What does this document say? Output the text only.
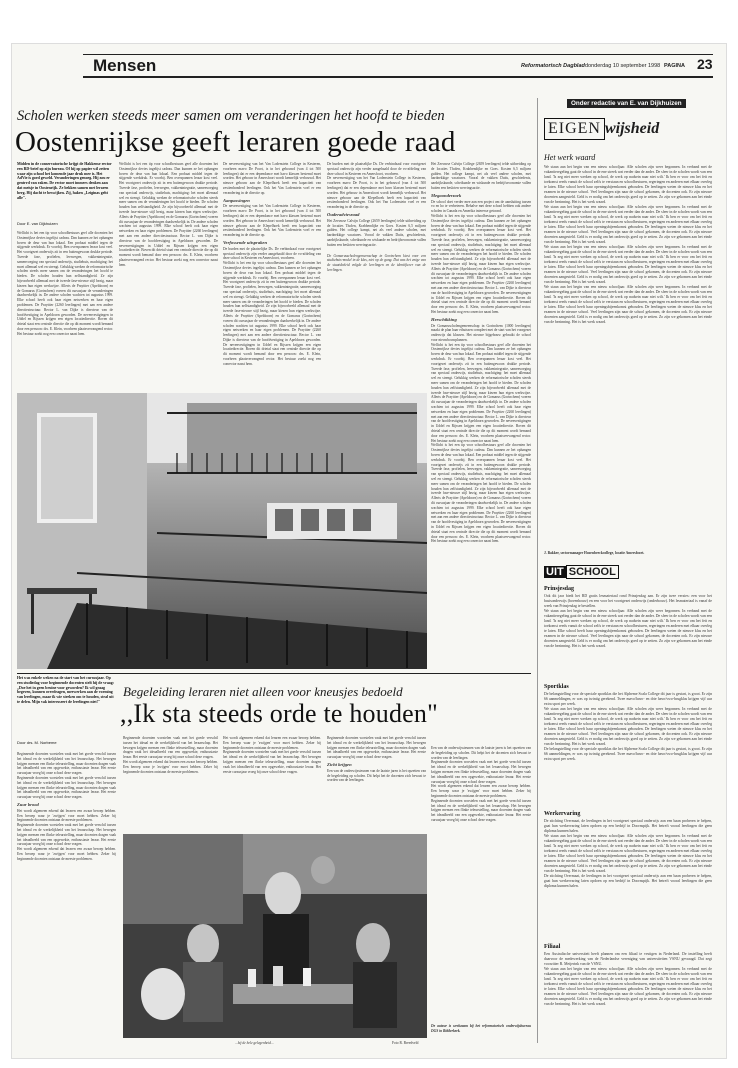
Mensen	Reformatorisch Dagblad donderdag 10 september 1998 PAGINA 23
Scholen werken steeds meer samen om veranderingen het hoofd te bieden
Oostenrijkse geeft leraren goede raad
Midden in de conservatorische krijgt de Hakkense rector een RD-brief op zijn bureau. Of hij op papier wil zetten waar zijn school het komende jaar druk mee is. Het AdVie is goed geweld. Veranderingen genoeg. Hij zou er gentrrd van raken. De rector moet immers denken aan dat meisje in Oostenrijk. Ze bekken samen met leraren berg. Hij dacht te beswijken. Zij, haken ,,Leiginas geht alle".
Door E. van Dijkhuizen

Wellicht is het een tip voor schoolbestuurs geef alle docenten het Oostenrijkse devies ingelijst cadeau. Dan kunnen ze het ophangen boven de deur van hun lokaal. Een probaat middel tegen de stijgende werkdruk. Er voorbij. Ben overspannen leraar kost veel. Het voortgezet onderwijs zit in een buitengewoon drukke periode. Tweede fase, profielen, leerwegen, vakkenintegratie, samenvoeging van speciaal onderwijs, studiehuis, machtiging: het moet allemaal wel en strengt. Gelukkig werken de reformatorische scholen steeds meer samen om de veranderingen het hoofd te bieden. De scholen houden hun zelfstandigheid. Ze zijn bijvoorbeeld allemaal met de tweede fase-nieuwe stijl bezig, maar kiezen hun eigen werkwijze. Allerts de Prayttter (Apeldoorn) en de Gomarus (Gorinchem) voeren dit cursusjaar de veranderingen daadwerkelijk in. De andere scholen wachten tot augustus 1999. Elke school heeft ook haar eigen netwerken en haar eigen problemen. De Prayttter (2260 leerlingen) met aan een andere directiestructuur. Rector L. van Dijke is directeur van de hoofdvestiging in Apeldoorn geworden. De nevenvestigingen in Uddel en Rijssen krijgen een eigen locatiedirectie. Boven dit drietal staat een centrale directie die op dit moment wordt bemand door een persoon: drs. E. Klein, voorheen plaatsvervangend rector. Het bestuur zoekt nog een conrector naast hem.

Wellicht is het een tip voor schoolbestuurs geef alle docenten het Oostenrijkse devies ingelijst cadeau. Dan kunnen ze het ophangen boven de deur van hun lokaal. Een probaat middel tegen de stijgende werkdruk. Er voorbij. Ben overspannen leraar kost veel. Het voortgezet onderwijs zit in een buitengewoon drukke periode. Tweede fase, profielen, leerwegen, vakkenintegratie, samenvoeging van speciaal onderwijs, studiehuis, machtiging: het moet allemaal wel en strengt. Gelukkig werken de reformatorische scholen steeds meer samen om de veranderingen het hoofd te bieden. De scholen houden hun zelfstandigheid. Ze zijn bijvoorbeeld allemaal met de tweede fase-nieuwe stijl bezig, maar kiezen hun eigen werkwijze. Allerts de Prayttter (Apeldoorn) en de Gomarus (Gorinchem) voeren dit cursusjaar de veranderingen daadwerkelijk in. De andere scholen wachten tot augustus 1999. Elke school heeft ook haar eigen netwerken en haar eigen problemen. De Prayttter (2260 leerlingen) met aan een andere directiestructuur. Rector L. van Dijke is directeur van de hoofdvestiging in Apeldoorn geworden. De nevenvestigingen in Uddel en Rijssen krijgen een eigen locatiedirectie. Boven dit drietal staat een centrale directie die op dit moment wordt bemand door een persoon: drs. E. Klein, voorheen plaatsvervangend rector. Het bestuur zoekt nog een conrector naast hem.

De nevenvestiging van het Van Lodenstein College in Kesteren, voorheen mavo De Poort, is in het gebouwd (van 4 tot 500 leerlingen) dat er een dependance met havo klassen bestemd moet worden. Het gebouw in Amersfoort wordt kennelijk verbouwd. Het nieuwe gebouw aan de Klepelhoek heeft een kapaciteit van zestienhonderd leerlingen. Ook het Van Lodenstein voel er een verandering in de directie op.

Aanpassingen

De nevenvestiging van het Van Lodenstein College in Kesteren, voorheen mavo De Poort, is in het gebouwd (van 4 tot 500 leerlingen) dat er een dependance met havo klassen bestemd moet worden. Het gebouw in Amersfoort wordt kennelijk verbouwd. Het nieuwe gebouw aan de Klepelhoek heeft een kapaciteit van zestienhonderd leerlingen. Ook het Van Lodenstein voel er een verandering in de directie op.

Verfossende uitspraken

De burden met de plaatselijke Ds. De verbindzaal voor voortgezet speciaal onderwijs zijn verder aangehaald door de vo-afdeling van deze school in Kesteren en Amersfoort, voorheen.

Wellicht is het een tip voor schoolbestuurs geef alle docenten het Oostenrijkse devies ingelijst cadeau. Dan kunnen ze het ophangen boven de deur van hun lokaal. Een probaat middel tegen de stijgende werkdruk. Er voorbij. Ben overspannen leraar kost veel. Het voortgezet onderwijs zit in een buitengewoon drukke periode. Tweede fase, profielen, leerwegen, vakkenintegratie, samenvoeging van speciaal onderwijs, studiehuis, machtiging: het moet allemaal wel en strengt. Gelukkig werken de reformatorische scholen steeds meer samen om de veranderingen het hoofd te bieden. De scholen houden hun zelfstandigheid. Ze zijn bijvoorbeeld allemaal met de tweede fase-nieuwe stijl bezig, maar kiezen hun eigen werkwijze. Allerts de Prayttter (Apeldoorn) en de Gomarus (Gorinchem) voeren dit cursusjaar de veranderingen daadwerkelijk in. De andere scholen wachten tot augustus 1999. Elke school heeft ook haar eigen netwerken en haar eigen problemen. De Prayttter (2260 leerlingen) met aan een andere directiestructuur. Rector L. van Dijke is directeur van de hoofdvestiging in Apeldoorn geworden. De nevenvestigingen in Uddel en Rijssen krijgen een eigen locatiedirectie. Boven dit drietal staat een centrale directie die op dit moment wordt bemand door een persoon: drs. E. Klein, voorheen plaatsvervangend rector. Het bestuur zoekt nog een conrector naast hem.

De burden met de plaatselijke Ds. De verbindzaal voor voortgezet speciaal onderwijs zijn verder aangehaald door de vo-afdeling van deze school in Kesteren en Amersfoort, voorheen.

De nevenvestiging van het Van Lodenstein College in Kesteren, voorheen mavo De Poort, is in het gebouwd (van 4 tot 500 leerlingen) dat er een dependance met havo klassen bestemd moet worden. Het gebouw in Amersfoort wordt kennelijk verbouwd. Het nieuwe gebouw aan de Klepelhoek heeft een kapaciteit van zestienhonderd leerlingen. Ook het Van Lodenstein voel er een verandering in de directie op.

Ouderadviesraad

Het Zeeuwse Calvijn College (2659 leerlingen) telde uitbreiding op de locaties Tholen, Krabbendijke en Goes. Kosten 6,5 miljoen gulden. Het college kampt, net als veel andere scholen, met hardnekkige vacatures. Vooral de vakken Duits, geschiedenis, aardrijkskunde, scheikunde en wiskunde en bedrijfseconomie vallen buiten een besloten wervingsactie.

De Gomarusscholengemeenschap in Gorinchem kiest voor een studiehuis-model in de klas, niet op de gang. Dat was het enige van de staatsbeleid volgde de leerlingen en de identificeer van de leerlingen.

Het Zeeuwse Calvijn College (2659 leerlingen) telde uitbreiding op de locaties Tholen, Krabbendijke en Goes. Kosten 6,5 miljoen gulden. Het college kampt, net als veel andere scholen, met hardnekkige vacatures. Vooral de vakken Duits, geschiedenis, aardrijkskunde, scheikunde en wiskunde en bedrijfseconomie vallen buiten een besloten wervingsactie.

Megaonderzoek

De school doet verder mee aan een project om de aansluiting tussen vo en ho te verbeteren. Behalve met deze school hebben ook andere scholen in Canada en Amerika interesse getoond.

Wellicht is het een tip voor schoolbestuurs geef alle docenten het Oostenrijkse devies ingelijst cadeau. Dan kunnen ze het ophangen boven de deur van hun lokaal. Een probaat middel tegen de stijgende werkdruk. Er voorbij. Ben overspannen leraar kost veel. Het voortgezet onderwijs zit in een buitengewoon drukke periode. Tweede fase, profielen, leerwegen, vakkenintegratie, samenvoeging van speciaal onderwijs, studiehuis, machtiging: het moet allemaal wel en strengt. Gelukkig werken de reformatorische scholen steeds meer samen om de veranderingen het hoofd te bieden. De scholen houden hun zelfstandigheid. Ze zijn bijvoorbeeld allemaal met de tweede fase-nieuwe stijl bezig, maar kiezen hun eigen werkwijze. Allerts de Prayttter (Apeldoorn) en de Gomarus (Gorinchem) voeren dit cursusjaar de veranderingen daadwerkelijk in. De andere scholen wachten tot augustus 1999. Elke school heeft ook haar eigen netwerken en haar eigen problemen. De Prayttter (2260 leerlingen) met aan een andere directiestructuur. Rector L. van Dijke is directeur van de hoofdvestiging in Apeldoorn geworden. De nevenvestigingen in Uddel en Rijssen krijgen een eigen locatiedirectie. Boven dit drietal staat een centrale directie die op dit moment wordt bemand door een persoon: drs. E. Klein, voorheen plaatsvervangend rector. Het bestuur zoekt nog een conrector naast hem.

Herschikking

De Gomaruscholengemeenschap in Gorinchem (1000 leerlingen) maakt de plan haar ethuissen compleet met de start van het voorgezet onderwijs dat klassen. Het nieuwe bijgebouw gebruikt de school voor nieuwbouwplannen.

Wellicht is het een tip voor schoolbestuurs geef alle docenten het Oostenrijkse devies ingelijst cadeau. Dan kunnen ze het ophangen boven de deur van hun lokaal. Een probaat middel tegen de stijgende werkdruk. Er voorbij. Ben overspannen leraar kost veel. Het voortgezet onderwijs zit in een buitengewoon drukke periode. Tweede fase, profielen, leerwegen, vakkenintegratie, samenvoeging van speciaal onderwijs, studiehuis, machtiging: het moet allemaal wel en strengt. Gelukkig werken de reformatorische scholen steeds meer samen om de veranderingen het hoofd te bieden. De scholen houden hun zelfstandigheid. Ze zijn bijvoorbeeld allemaal met de tweede fase-nieuwe stijl bezig, maar kiezen hun eigen werkwijze. Allerts de Prayttter (Apeldoorn) en de Gomarus (Gorinchem) voeren dit cursusjaar de veranderingen daadwerkelijk in. De andere scholen wachten tot augustus 1999. Elke school heeft ook haar eigen netwerken en haar eigen problemen. De Prayttter (2260 leerlingen) met aan een andere directiestructuur. Rector L. van Dijke is directeur van de hoofdvestiging in Apeldoorn geworden. De nevenvestigingen in Uddel en Rijssen krijgen een eigen locatiedirectie. Boven dit drietal staat een centrale directie die op dit moment wordt bemand door een persoon: drs. E. Klein, voorheen plaatsvervangend rector. Het bestuur zoekt nog een conrector naast hem.

Wellicht is het een tip voor schoolbestuurs geef alle docenten het Oostenrijkse devies ingelijst cadeau. Dan kunnen ze het ophangen boven de deur van hun lokaal. Een probaat middel tegen de stijgende werkdruk. Er voorbij. Ben overspannen leraar kost veel. Het voortgezet onderwijs zit in een buitengewoon drukke periode. Tweede fase, profielen, leerwegen, vakkenintegratie, samenvoeging van speciaal onderwijs, studiehuis, machtiging: het moet allemaal wel en strengt. Gelukkig werken de reformatorische scholen steeds meer samen om de veranderingen het hoofd te bieden. De scholen houden hun zelfstandigheid. Ze zijn bijvoorbeeld allemaal met de tweede fase-nieuwe stijl bezig, maar kiezen hun eigen werkwijze. Allerts de Prayttter (Apeldoorn) en de Gomarus (Gorinchem) voeren dit cursusjaar de veranderingen daadwerkelijk in. De andere scholen wachten tot augustus 1999. Elke school heeft ook haar eigen netwerken en haar eigen problemen. De Prayttter (2260 leerlingen) met aan een andere directiestructuur. Rector L. van Dijke is directeur van de hoofdvestiging in Apeldoorn geworden. De nevenvestigingen in Uddel en Rijssen krijgen een eigen locatiedirectie. Boven dit drietal staat een centrale directie die op dit moment wordt bemand door een persoon: drs. E. Klein, voorheen plaatsvervangend rector. Het bestuur zoekt nog een conrector naast hem.

Het was enkele weken na de start van het cursusjaar. Op een studiedag voor beginnende docenten stelt hij de vraag: ,,Doe het in geen bruine voor geworden? Ik wil graag begeven, kunnen overdragen, meewerken aan de vorming van leerlingen, maar ik wie streken om te houden, stral uit te delen. Mijn vak interesseert de leerlingen niet!"
Door drs. M. Norbeme

Beginnende docenten worstelen vaak met het goede verschil tussen het ideaal en de werkelijkheid van het leraarschap. Het bewegen krijgen mensen een flinke teleurstelling, maar docenten dragen vaak het ideaalbeeld van een opgewekte, enthousiaste leraar. Het eerste cursusjaar vroeg bij onze school deze vragen.

Beginnende docenten worstelen vaak met het goede verschil tussen het ideaal en de werkelijkheid van het leraarschap. Het bewegen krijgen mensen een flinke teleurstelling, maar docenten dragen vaak het ideaalbeeld van een opgewekte, enthousiaste leraar. Het eerste cursusjaar vroeg bij onze school deze vragen.

Zuur brood

Het wordt algemeen erkend dat leraren een zwaar beroep hebben. Een beroep waar je 'zwijgen' voor moet hebben. Zeker bij beginnende docenten ontstaan de meeste problemen.

Beginnende docenten worstelen vaak met het goede verschil tussen het ideaal en de werkelijkheid van het leraarschap. Het bewegen krijgen mensen een flinke teleurstelling, maar docenten dragen vaak het ideaalbeeld van een opgewekte, enthousiaste leraar. Het eerste cursusjaar vroeg bij onze school deze vragen.

Het wordt algemeen erkend dat leraren een zwaar beroep hebben. Een beroep waar je 'zwijgen' voor moet hebben. Zeker bij beginnende docenten ontstaan de meeste problemen.

Begeleiding leraren niet alleen voor kneusjes bedoeld
,,Ik sta steeds orde te houden"

Beginnende docenten worstelen vaak met het goede verschil tussen het ideaal en de werkelijkheid van het leraarschap. Het bewegen krijgen mensen een flinke teleurstelling, maar docenten dragen vaak het ideaalbeeld van een opgewekte, enthousiaste leraar. Het eerste cursusjaar vroeg bij onze school deze vragen.

Het wordt algemeen erkend dat leraren een zwaar beroep hebben. Een beroep waar je 'zwijgen' voor moet hebben. Zeker bij beginnende docenten ontstaan de meeste problemen.

Het wordt algemeen erkend dat leraren een zwaar beroep hebben. Een beroep waar je 'zwijgen' voor moet hebben. Zeker bij beginnende docenten ontstaan de meeste problemen.

Beginnende docenten worstelen vaak met het goede verschil tussen het ideaal en de werkelijkheid van het leraarschap. Het bewegen krijgen mensen een flinke teleurstelling, maar docenten dragen vaak het ideaalbeeld van een opgewekte, enthousiaste leraar. Het eerste cursusjaar vroeg bij onze school deze vragen.

Beginnende docenten worstelen vaak met het goede verschil tussen het ideaal en de werkelijkheid van het leraarschap. Het bewegen krijgen mensen een flinke teleurstelling, maar docenten dragen vaak het ideaalbeeld van een opgewekte, enthousiaste leraar. Het eerste cursusjaar vroeg bij onze school deze vragen.

Zicht krijgen

Een van de onderwijssteunen van de laatste jaren is het opzetten van de begeleiding op scholen. Dit helpt het de docenten zich bewust te worden van de leerlingen.

Een van de onderwijssteunen van de laatste jaren is het opzetten van de begeleiding op scholen. Dit helpt het de docenten zich bewust te worden van de leerlingen.

Beginnende docenten worstelen vaak met het goede verschil tussen het ideaal en de werkelijkheid van het leraarschap. Het bewegen krijgen mensen een flinke teleurstelling, maar docenten dragen vaak het ideaalbeeld van een opgewekte, enthousiaste leraar. Het eerste cursusjaar vroeg bij onze school deze vragen.

Het wordt algemeen erkend dat leraren een zwaar beroep hebben. Een beroep waar je 'zwijgen' voor moet hebben. Zeker bij beginnende docenten ontstaan de meeste problemen.

Beginnende docenten worstelen vaak met het goede verschil tussen het ideaal en de werkelijkheid van het leraarschap. Het bewegen krijgen mensen een flinke teleurstelling, maar docenten dragen vaak het ideaalbeeld van een opgewekte, enthousiaste leraar. Het eerste cursusjaar vroeg bij onze school deze vragen.

De auteur is werkzaam bij het reformatorisch onderwijsbureau DGS in Ridderkerk.
...bij de hele gelegenheid...	Foto R. Breedveld
Onder redactie van E. van Dijkhuizen
EIGEN wijsheid
Het werk waard

We staan aan het begin van een nieuw schooljaar. Alle scholen zijn weer begonnen. In verband met de vakantieregeling gaat de school in de ene streek wat eerder dan de ander. De sfeer in de scholen wordt van een land. 'Is zeg niet meer werken op school, de werk op nadsein naar niet wilt.' Ik ben er voor om het feit en toekomst reeds vanuit de school zelfs te verstaan en schoolbesturen, regeringen en anderen met elkaar overleg te laten. Elke school heeft haar openingsbijeenkomst gehouden. De leerlingen weten de nieuwe klas en het examen in de nieuwe school. Veel leerlingen zijn naar de school gekomen, de docenten ook. Er zijn nieuwe docenten aangesteld. Geld is er nodig om het onderwijs goed op te zetten. Zo zijn we gekomen aan het einde van de bezinning. Het is het werk waard.

We staan aan het begin van een nieuw schooljaar. Alle scholen zijn weer begonnen. In verband met de vakantieregeling gaat de school in de ene streek wat eerder dan de ander. De sfeer in de scholen wordt van een land. 'Is zeg niet meer werken op school, de werk op nadsein naar niet wilt.' Ik ben er voor om het feit en toekomst reeds vanuit de school zelfs te verstaan en schoolbesturen, regeringen en anderen met elkaar overleg te laten. Elke school heeft haar openingsbijeenkomst gehouden. De leerlingen weten de nieuwe klas en het examen in de nieuwe school. Veel leerlingen zijn naar de school gekomen, de docenten ook. Er zijn nieuwe docenten aangesteld. Geld is er nodig om het onderwijs goed op te zetten. Zo zijn we gekomen aan het einde van de bezinning. Het is het werk waard.

We staan aan het begin van een nieuw schooljaar. Alle scholen zijn weer begonnen. In verband met de vakantieregeling gaat de school in de ene streek wat eerder dan de ander. De sfeer in de scholen wordt van een land. 'Is zeg niet meer werken op school, de werk op nadsein naar niet wilt.' Ik ben er voor om het feit en toekomst reeds vanuit de school zelfs te verstaan en schoolbesturen, regeringen en anderen met elkaar overleg te laten. Elke school heeft haar openingsbijeenkomst gehouden. De leerlingen weten de nieuwe klas en het examen in de nieuwe school. Veel leerlingen zijn naar de school gekomen, de docenten ook. Er zijn nieuwe docenten aangesteld. Geld is er nodig om het onderwijs goed op te zetten. Zo zijn we gekomen aan het einde van de bezinning. Het is het werk waard.

We staan aan het begin van een nieuw schooljaar. Alle scholen zijn weer begonnen. In verband met de vakantieregeling gaat de school in de ene streek wat eerder dan de ander. De sfeer in de scholen wordt van een land. 'Is zeg niet meer werken op school, de werk op nadsein naar niet wilt.' Ik ben er voor om het feit en toekomst reeds vanuit de school zelfs te verstaan en schoolbesturen, regeringen en anderen met elkaar overleg te laten. Elke school heeft haar openingsbijeenkomst gehouden. De leerlingen weten de nieuwe klas en het examen in de nieuwe school. Veel leerlingen zijn naar de school gekomen, de docenten ook. Er zijn nieuwe docenten aangesteld. Geld is er nodig om het onderwijs goed op te zetten. Zo zijn we gekomen aan het einde van de bezinning. Het is het werk waard.

J. Bakker, sectormanager Hoornbeeckcollege, locatie Amersfoort.
UIT SCHOOL
Prinsjesdag

Ook dit jaar biedt het RD gratis lesmateriaal rond Prinsjesdag aan. Er zijn twee versies: een voor het basisonderwijs (bovenbouw) en een voor het voortgezet onderwijs (onderbouw). Het lesmateriaal is vanaf de week van Prinsjesdag te bestellen.

We staan aan het begin van een nieuw schooljaar. Alle scholen zijn weer begonnen. In verband met de vakantieregeling gaat de school in de ene streek wat eerder dan de ander. De sfeer in de scholen wordt van een land. 'Is zeg niet meer werken op school, de werk op nadsein naar niet wilt.' Ik ben er voor om het feit en toekomst reeds vanuit de school zelfs te verstaan en schoolbesturen, regeringen en anderen met elkaar overleg te laten. Elke school heeft haar openingsbijeenkomst gehouden. De leerlingen weten de nieuwe klas en het examen in de nieuwe school. Veel leerlingen zijn naar de school gekomen, de docenten ook. Er zijn nieuwe docenten aangesteld. Geld is er nodig om het onderwijs goed op te zetten. Zo zijn we gekomen aan het einde van de bezinning. Het is het werk waard.

Sportklas

De belangstelling voor de speciale sportklas die het Alpheme Scala College dit jaar is gestart, is groot. Er zijn 66 aanmeldingen, er was op twintig gerekend. Twee mavo/havo- en drie havo/vwo-brugklas krijgen vijf uur extra sport per week.

We staan aan het begin van een nieuw schooljaar. Alle scholen zijn weer begonnen. In verband met de vakantieregeling gaat de school in de ene streek wat eerder dan de ander. De sfeer in de scholen wordt van een land. 'Is zeg niet meer werken op school, de werk op nadsein naar niet wilt.' Ik ben er voor om het feit en toekomst reeds vanuit de school zelfs te verstaan en schoolbesturen, regeringen en anderen met elkaar overleg te laten. Elke school heeft haar openingsbijeenkomst gehouden. De leerlingen weten de nieuwe klas en het examen in de nieuwe school. Veel leerlingen zijn naar de school gekomen, de docenten ook. Er zijn nieuwe docenten aangesteld. Geld is er nodig om het onderwijs goed op te zetten. Zo zijn we gekomen aan het einde van de bezinning. Het is het werk waard.

De belangstelling voor de speciale sportklas die het Alpheme Scala College dit jaar is gestart, is groot. Er zijn 66 aanmeldingen, er was op twintig gerekend. Twee mavo/havo- en drie havo/vwo-brugklas krijgen vijf uur extra sport per week.

Werkervaring

De stichting Overmaat, de leerlingen in het voortgezet speciaal onderwijs aan een baan proberen te helpen, gaat hun werkervaring laten opdoen op een bedrijf in Doornspijk. Het betreft vooral leerlingen die geen diploma kunnen halen.

We staan aan het begin van een nieuw schooljaar. Alle scholen zijn weer begonnen. In verband met de vakantieregeling gaat de school in de ene streek wat eerder dan de ander. De sfeer in de scholen wordt van een land. 'Is zeg niet meer werken op school, de werk op nadsein naar niet wilt.' Ik ben er voor om het feit en toekomst reeds vanuit de school zelfs te verstaan en schoolbesturen, regeringen en anderen met elkaar overleg te laten. Elke school heeft haar openingsbijeenkomst gehouden. De leerlingen weten de nieuwe klas en het examen in de nieuwe school. Veel leerlingen zijn naar de school gekomen, de docenten ook. Er zijn nieuwe docenten aangesteld. Geld is er nodig om het onderwijs goed op te zetten. Zo zijn we gekomen aan het einde van de bezinning. Het is het werk waard.

De stichting Overmaat, de leerlingen in het voortgezet speciaal onderwijs aan een baan proberen te helpen, gaat hun werkervaring laten opdoen op een bedrijf in Doornspijk. Het betreft vooral leerlingen die geen diploma kunnen halen.

Filiaal

Een Australische universiteit heeft plannen om een filiaal te vestigen in Nederland. De instelling heeft daarvoor de medewerking van de Nederlandse vereniging van universiteiten VSNU gevraagd. Dat zegt voorzitter R. Meijerink van de VSNU.

We staan aan het begin van een nieuw schooljaar. Alle scholen zijn weer begonnen. In verband met de vakantieregeling gaat de school in de ene streek wat eerder dan de ander. De sfeer in de scholen wordt van een land. 'Is zeg niet meer werken op school, de werk op nadsein naar niet wilt.' Ik ben er voor om het feit en toekomst reeds vanuit de school zelfs te verstaan en schoolbesturen, regeringen en anderen met elkaar overleg te laten. Elke school heeft haar openingsbijeenkomst gehouden. De leerlingen weten de nieuwe klas en het examen in de nieuwe school. Veel leerlingen zijn naar de school gekomen, de docenten ook. Er zijn nieuwe docenten aangesteld. Geld is er nodig om het onderwijs goed op te zetten. Zo zijn we gekomen aan het einde van de bezinning. Het is het werk waard.
